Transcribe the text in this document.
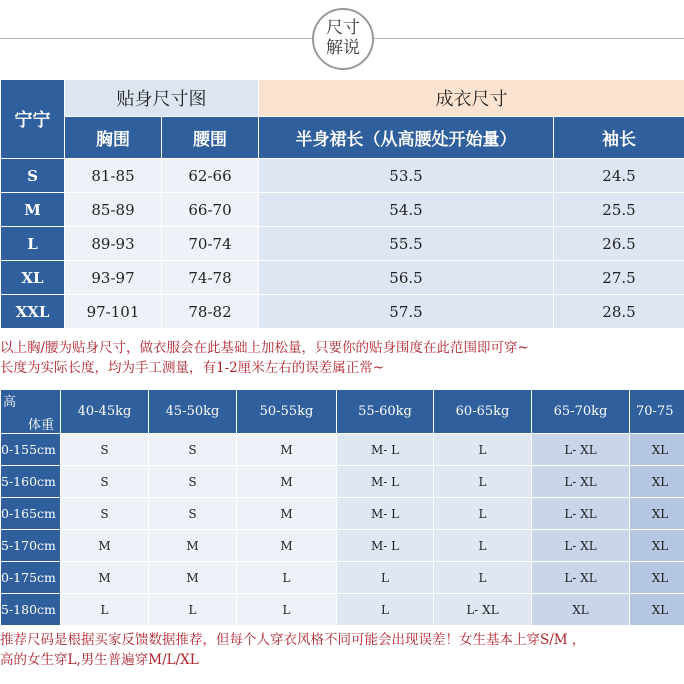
尺寸
解说
宁宁	贴身尺寸图		成衣尺寸	
	胸围	腰围	半身裙长（从高腰处开始量）	袖长
S	81-85	62-66	53.5	24.5
M	85-89	66-70	54.5	25.5
L	89-93	70-74	55.5	26.5
XL	93-97	74-78	56.5	27.5
XXL	97-101	78-82	57.5	28.5
以上胸/腰为贴身尺寸，做衣服会在此基础上加松量，只要你的贴身围度在此范围即可穿~
长度为实际长度，均为手工测量，有1-2厘米左右的误差属正常~
体重
高	40-45kg	45-50kg	50-55kg	55-60kg	60-65kg	65-70kg	70-75
0-155cm	S	S	M	M- L	L	L- XL	XL
5-160cm	S	S	M	M- L	L	L- XL	XL
0-165cm	S	S	M	M- L	L	L- XL	XL
5-170cm	M	M	M	M- L	L	L- XL	XL
0-175cm	M	M	L	L	L	L- XL	XL
5-180cm	L	L	L	L	L- XL	XL	XL
推荐尺码是根据买家反馈数据推荐，但每个人穿衣风格不同可能会出现误差！女生基本上穿S/M ，
高的女生穿L,男生普遍穿M/L/XL
